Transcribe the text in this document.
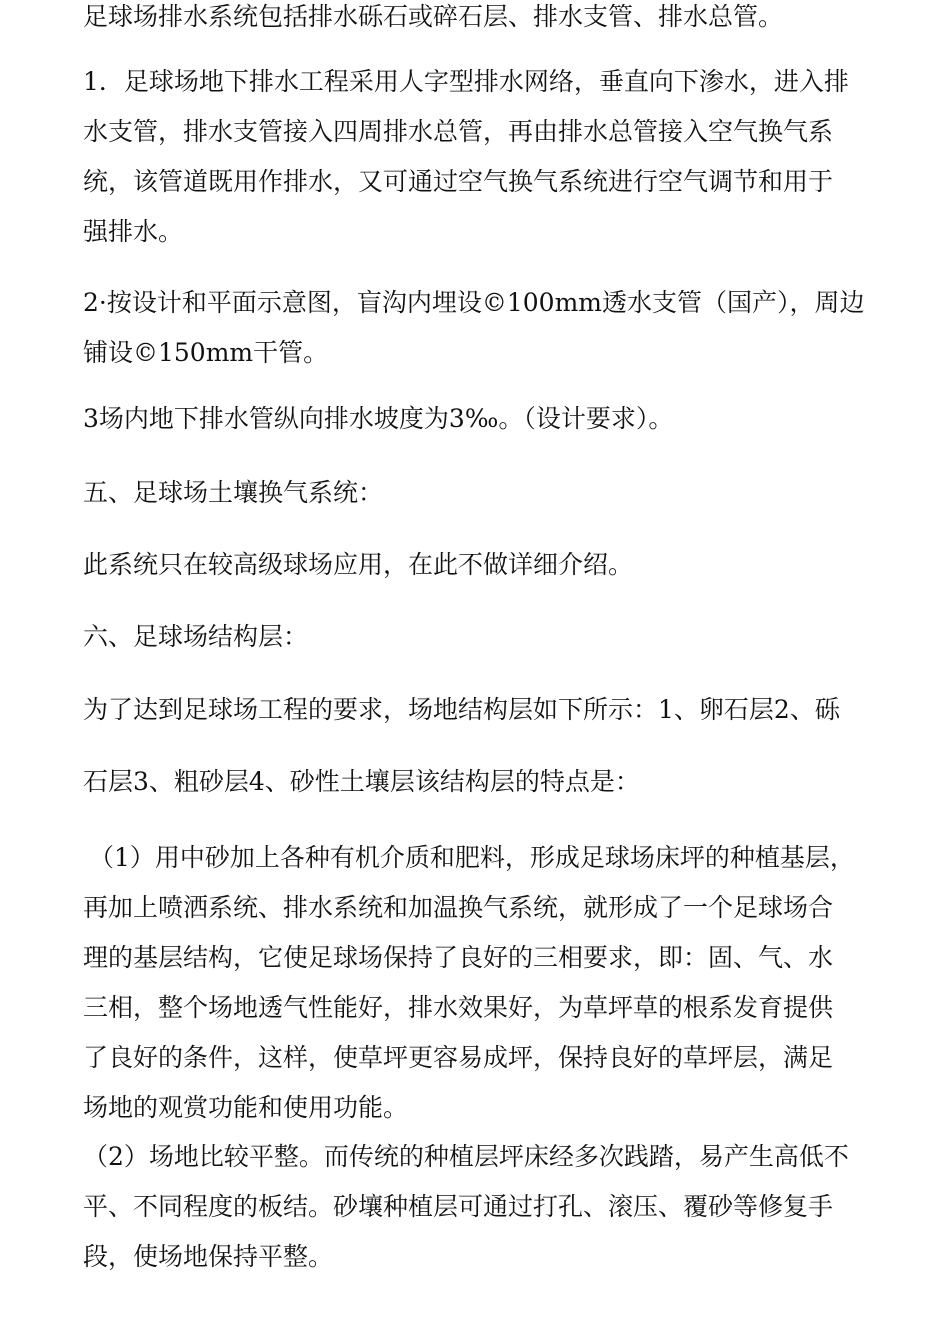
足球场排水系统包括排水砾石或碎石层、排水支管、排水总管。

1．足球场地下排水工程采用人字型排水网络，垂直向下渗水，进入排
水支管，排水支管接入四周排水总管，再由排水总管接入空气换气系
统，该管道既用作排水，又可通过空气换气系统进行空气调节和用于
强排水。

2·按设计和平面示意图，盲沟内埋设©100mm透水支管（国产），周边
铺设©150mm干管。

3场内地下排水管纵向排水坡度为3‰。（设计要求）。

五、足球场土壤换气系统：

此系统只在较高级球场应用，在此不做详细介绍。

六、足球场结构层：

为了达到足球场工程的要求，场地结构层如下所示：1、卵石层2、砾

石层3、粗砂层4、砂性土壤层该结构层的特点是：

（1）用中砂加上各种有机介质和肥料，形成足球场床坪的种植基层，
再加上喷洒系统、排水系统和加温换气系统，就形成了一个足球场合
理的基层结构，它使足球场保持了良好的三相要求，即：固、气、水
三相，整个场地透气性能好，排水效果好，为草坪草的根系发育提供
了良好的条件，这样，使草坪更容易成坪，保持良好的草坪层，满足
场地的观赏功能和使用功能。

（2）场地比较平整。而传统的种植层坪床经多次践踏，易产生高低不
平、不同程度的板结。砂壤种植层可通过打孔、滚压、覆砂等修复手
段，使场地保持平整。
